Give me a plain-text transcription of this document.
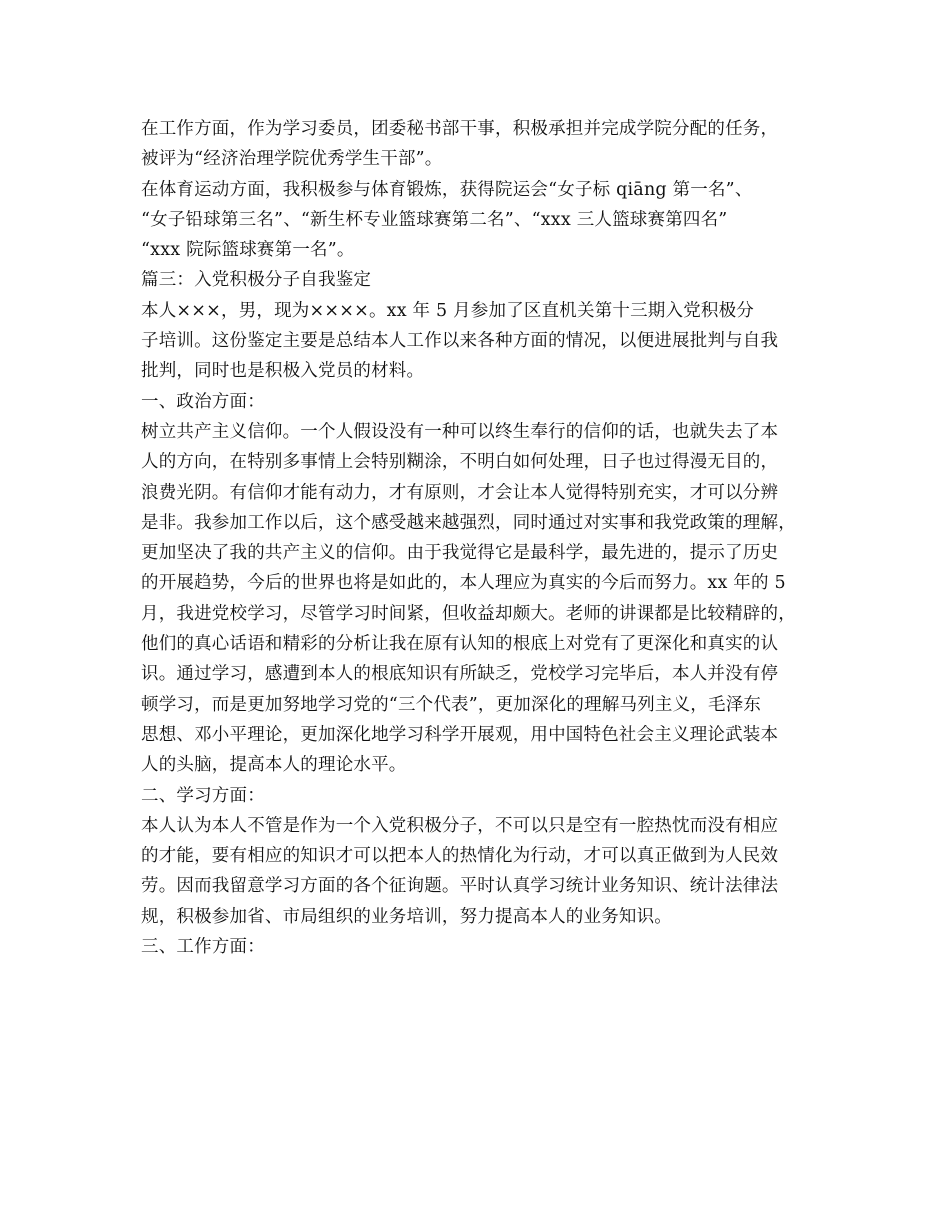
在工作方面，作为学习委员，团委秘书部干事，积极承担并完成学院分配的任务，
被评为“经济治理学院优秀学生干部”。
在体育运动方面，我积极参与体育锻炼，获得院运会“女子标 qiāng 第一名”、
“女子铅球第三名”、“新生杯专业篮球赛第二名”、“xxx 三人篮球赛第四名”
“xxx 院际篮球赛第一名”。
篇三：入党积极分子自我鉴定
本人×××，男，现为××××。xx 年 5 月参加了区直机关第十三期入党积极分
子培训。这份鉴定主要是总结本人工作以来各种方面的情况，以便进展批判与自我
批判，同时也是积极入党员的材料。
一、政治方面：
树立共产主义信仰。一个人假设没有一种可以终生奉行的信仰的话，也就失去了本
人的方向，在特别多事情上会特别糊涂，不明白如何处理，日子也过得漫无目的，
浪费光阴。有信仰才能有动力，才有原则，才会让本人觉得特别充实，才可以分辨
是非。我参加工作以后，这个感受越来越强烈，同时通过对实事和我党政策的理解，
更加坚决了我的共产主义的信仰。由于我觉得它是最科学，最先进的，提示了历史
的开展趋势，今后的世界也将是如此的，本人理应为真实的今后而努力。xx 年的 5
月，我进党校学习，尽管学习时间紧，但收益却颇大。老师的讲课都是比较精辟的，
他们的真心话语和精彩的分析让我在原有认知的根底上对党有了更深化和真实的认
识。通过学习，感遭到本人的根底知识有所缺乏，党校学习完毕后，本人并没有停
顿学习，而是更加努地学习党的“三个代表”，更加深化的理解马列主义，毛泽东
思想、邓小平理论，更加深化地学习科学开展观，用中国特色社会主义理论武装本
人的头脑，提高本人的理论水平。
二、学习方面：
本人认为本人不管是作为一个入党积极分子，不可以只是空有一腔热忱而没有相应
的才能，要有相应的知识才可以把本人的热情化为行动，才可以真正做到为人民效
劳。因而我留意学习方面的各个征询题。平时认真学习统计业务知识、统计法律法
规，积极参加省、市局组织的业务培训，努力提高本人的业务知识。
三、工作方面：
